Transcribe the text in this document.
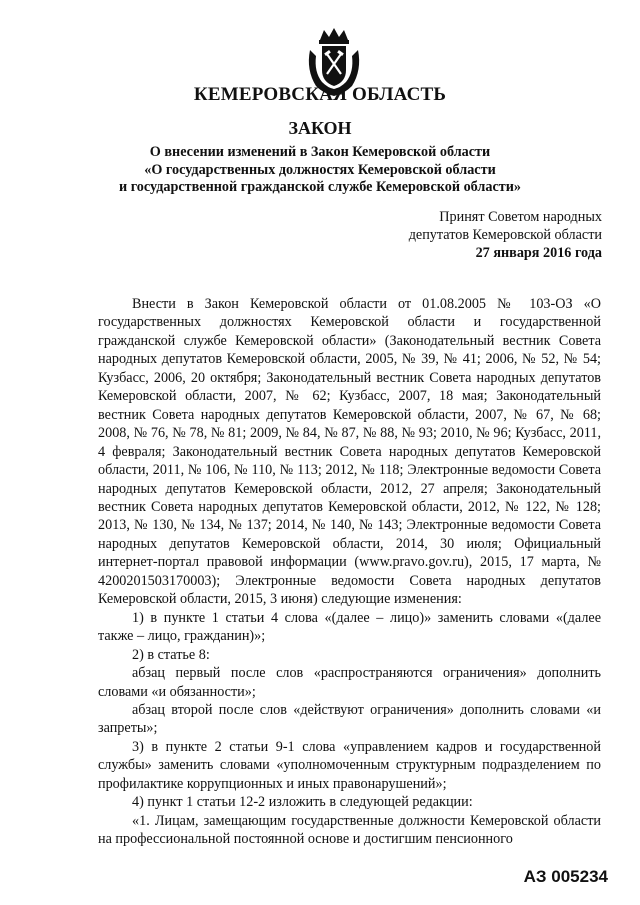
КЕМЕРОВСКАЯ ОБЛАСТЬ
ЗАКОН
О внесении изменений в Закон Кемеровской области
«О государственных должностях Кемеровской области
и государственной гражданской службе Кемеровской области»
Принят Советом народных
депутатов Кемеровской области
27 января 2016 года

Внести в Закон Кемеровской области от 01.08.2005 № 103-ОЗ «О государственных должностях Кемеровской области и государственной гражданской службе Кемеровской области» (Законодательный вестник Совета народных депутатов Кемеровской области, 2005, № 39, № 41; 2006, № 52, № 54; Кузбасс, 2006, 20 октября; Законодательный вестник Совета народных депутатов Кемеровской области, 2007, № 62; Кузбасс, 2007, 18 мая; Законодательный вестник Совета народных депутатов Кемеровской области, 2007, № 67, № 68; 2008, № 76, № 78, № 81; 2009, № 84, № 87, № 88, № 93; 2010, № 96; Кузбасс, 2011, 4 февраля; Законодательный вестник Совета народных депутатов Кемеровской области, 2011, № 106, № 110, № 113; 2012, № 118; Электронные ведомости Совета народных депутатов Кемеровской области, 2012, 27 апреля; Законодательный вестник Совета народных депутатов Кемеровской области, 2012, № 122, № 128; 2013, № 130, № 134, № 137; 2014, № 140, № 143; Электронные ведомости Совета народных депутатов Кемеровской области, 2014, 30 июля; Официальный интернет-портал правовой информации (www.pravo.gov.ru), 2015, 17 марта, № 4200201503170003); Электронные ведомости Совета народных депутатов Кемеровской области, 2015, 3 июня) следующие изменения:

1) в пункте 1 статьи 4 слова «(далее – лицо)» заменить словами «(далее также – лицо, гражданин)»;

2) в статье 8:

абзац первый после слов «распространяются ограничения» дополнить словами «и обязанности»;

абзац второй после слов «действуют ограничения» дополнить словами «и запреты»;

3) в пункте 2 статьи 9-1 слова «управлением кадров и государственной службы» заменить словами «уполномоченным структурным подразделением по профилактике коррупционных и иных правонарушений»;

4) пункт 1 статьи 12-2 изложить в следующей редакции:

«1. Лицам, замещающим государственные должности Кемеровской области на профессиональной постоянной основе и достигшим пенсионного

АЗ 005234
